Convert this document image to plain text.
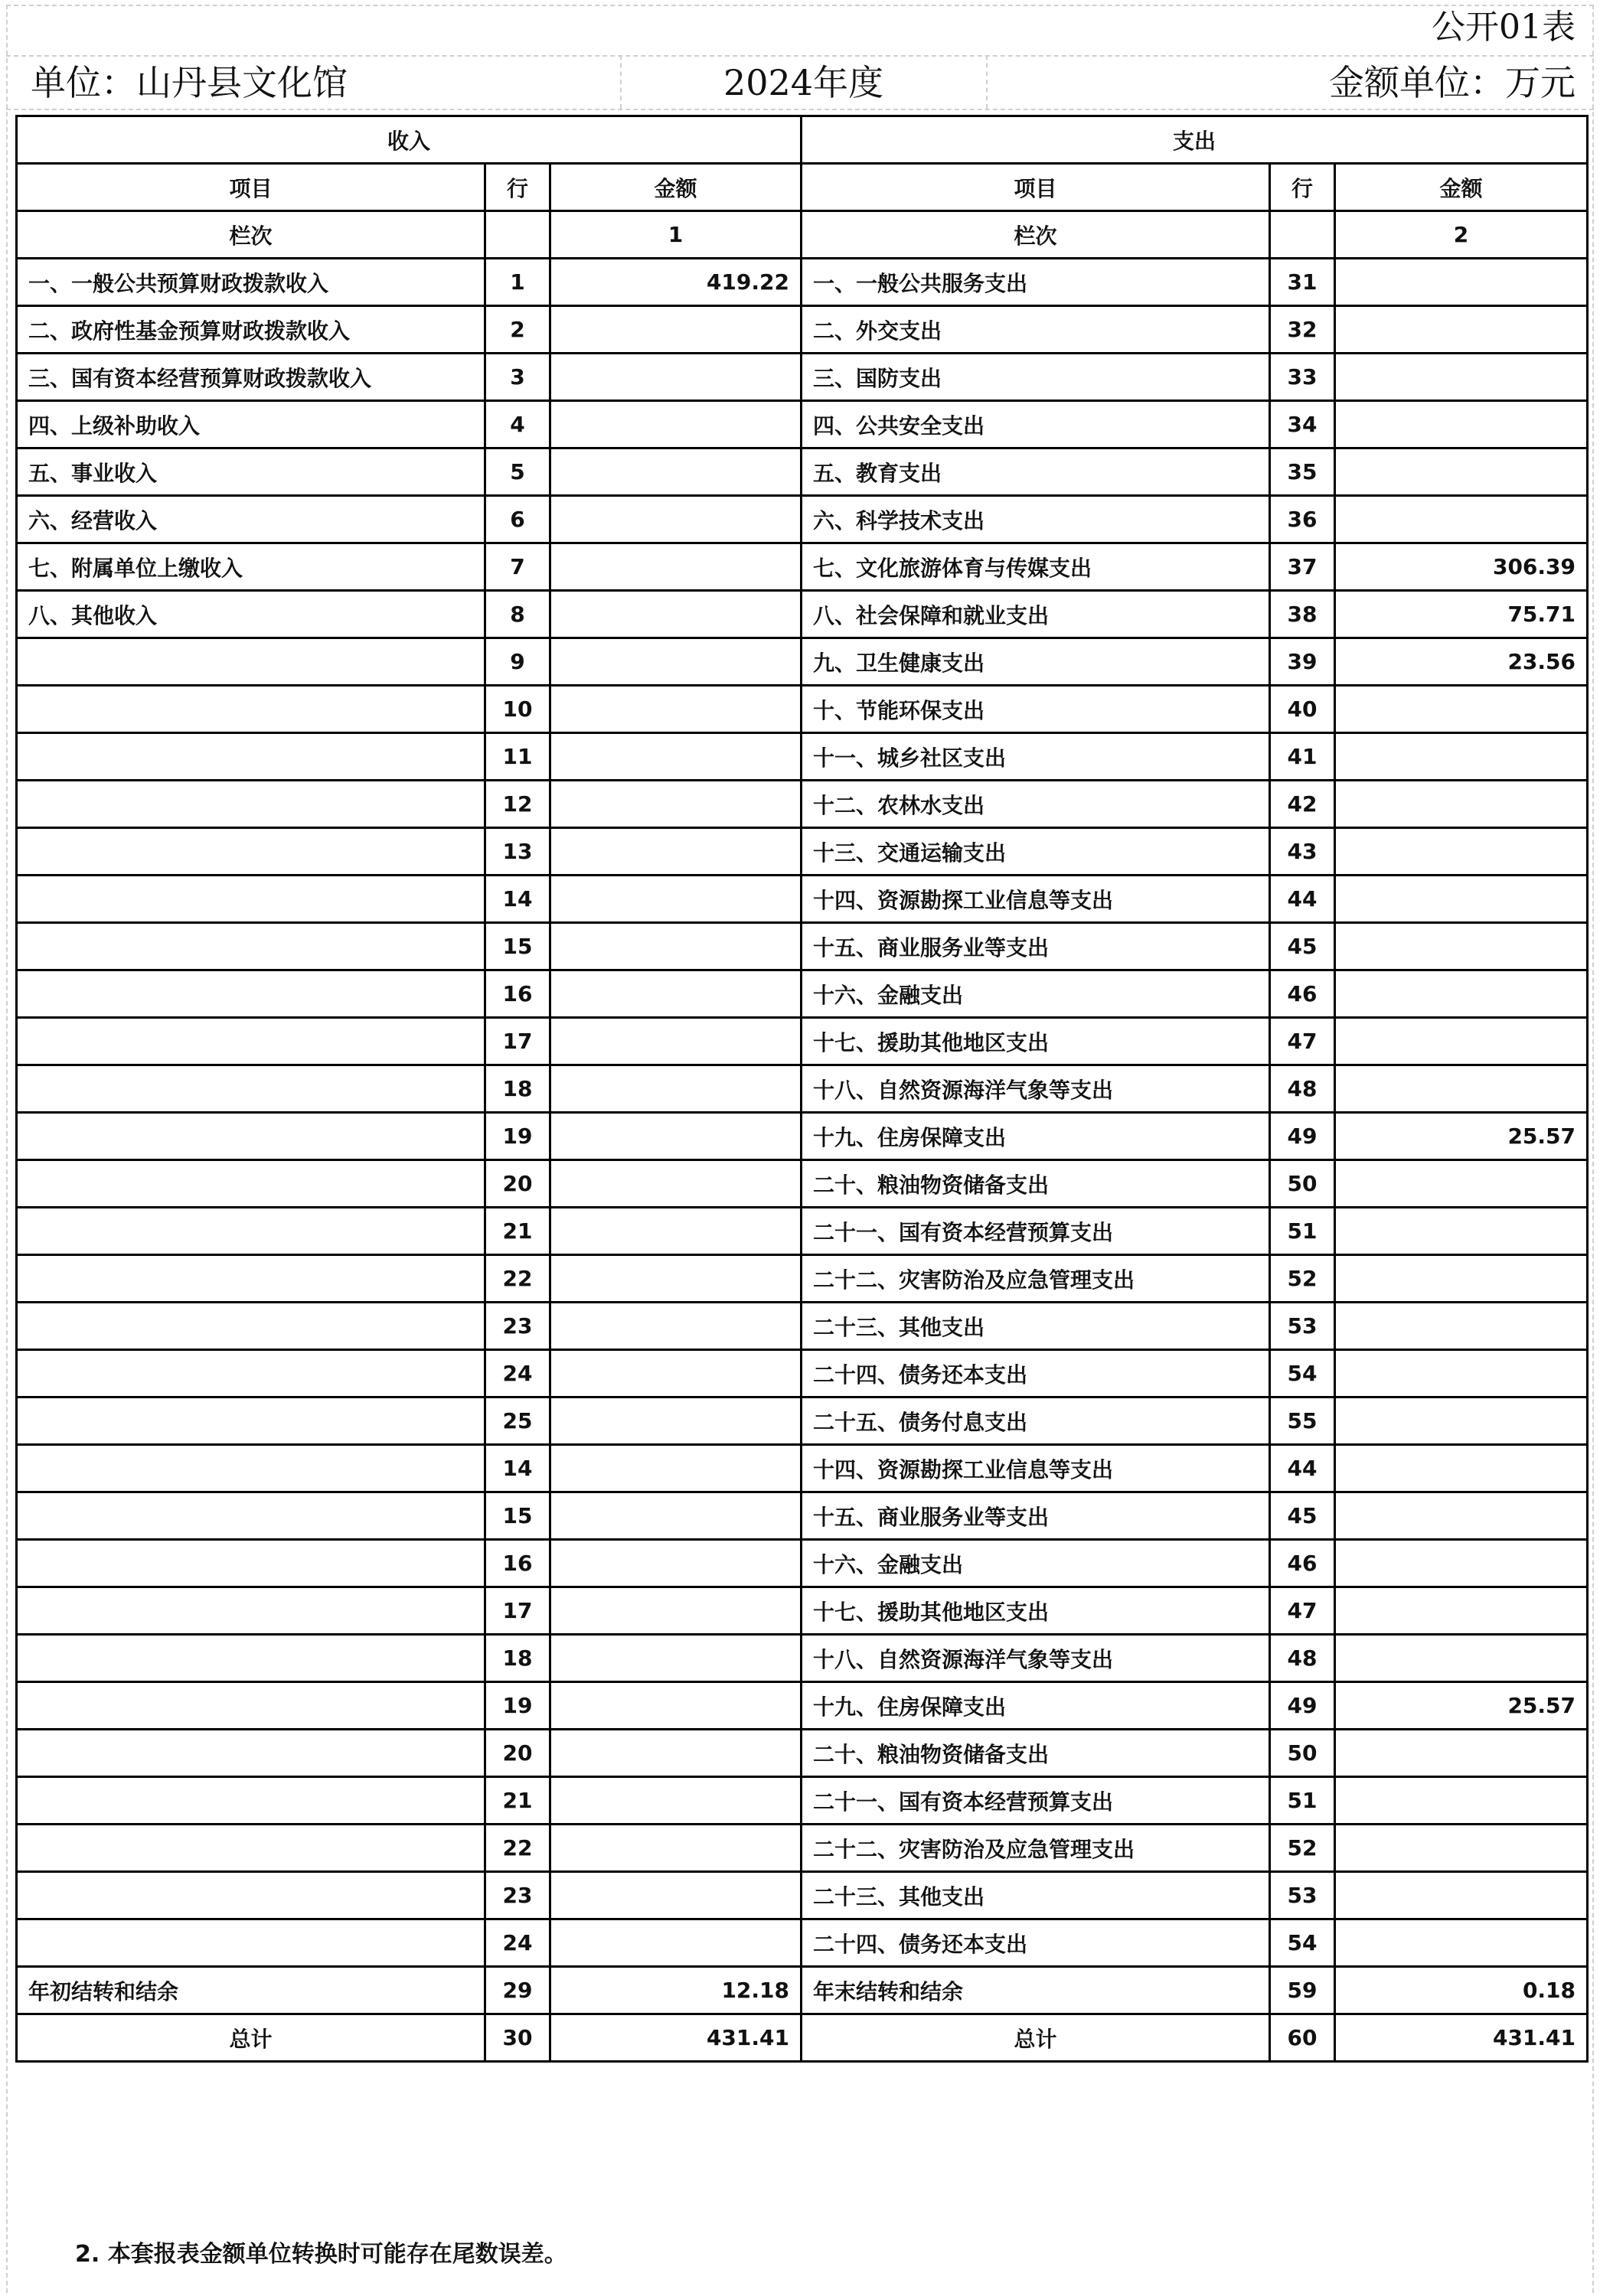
公开01表
单位：山丹县文化馆	2024年度	金额单位：万元
收入			支出		
项目	行	金额	项目	行	金额
栏次		1	栏次		2
一、一般公共预算财政拨款收入	1	419.22	一、一般公共服务支出	31	
二、政府性基金预算财政拨款收入	2		二、外交支出	32	
三、国有资本经营预算财政拨款收入	3		三、国防支出	33	
四、上级补助收入	4		四、公共安全支出	34	
五、事业收入	5		五、教育支出	35	
六、经营收入	6		六、科学技术支出	36	
七、附属单位上缴收入	7		七、文化旅游体育与传媒支出	37	306.39
八、其他收入	8		八、社会保障和就业支出	38	75.71
	9		九、卫生健康支出	39	23.56
	10		十、节能环保支出	40	
	11		十一、城乡社区支出	41	
	12		十二、农林水支出	42	
	13		十三、交通运输支出	43	
	14		十四、资源勘探工业信息等支出	44	
	15		十五、商业服务业等支出	45	
	16		十六、金融支出	46	
	17		十七、援助其他地区支出	47	
	18		十八、自然资源海洋气象等支出	48	
	19		十九、住房保障支出	49	25.57
	20		二十、粮油物资储备支出	50	
	21		二十一、国有资本经营预算支出	51	
	22		二十二、灾害防治及应急管理支出	52	
	23		二十三、其他支出	53	
	24		二十四、债务还本支出	54	
	25		二十五、债务付息支出	55	
	14		十四、资源勘探工业信息等支出	44	
	15		十五、商业服务业等支出	45	
	16		十六、金融支出	46	
	17		十七、援助其他地区支出	47	
	18		十八、自然资源海洋气象等支出	48	
	19		十九、住房保障支出	49	25.57
	20		二十、粮油物资储备支出	50	
	21		二十一、国有资本经营预算支出	51	
	22		二十二、灾害防治及应急管理支出	52	
	23		二十三、其他支出	53	
	24		二十四、债务还本支出	54	
年初结转和结余	29	12.18	年末结转和结余	59	0.18
总计	30	431.41	总计	60	431.41
2. 本套报表金额单位转换时可能存在尾数误差。
